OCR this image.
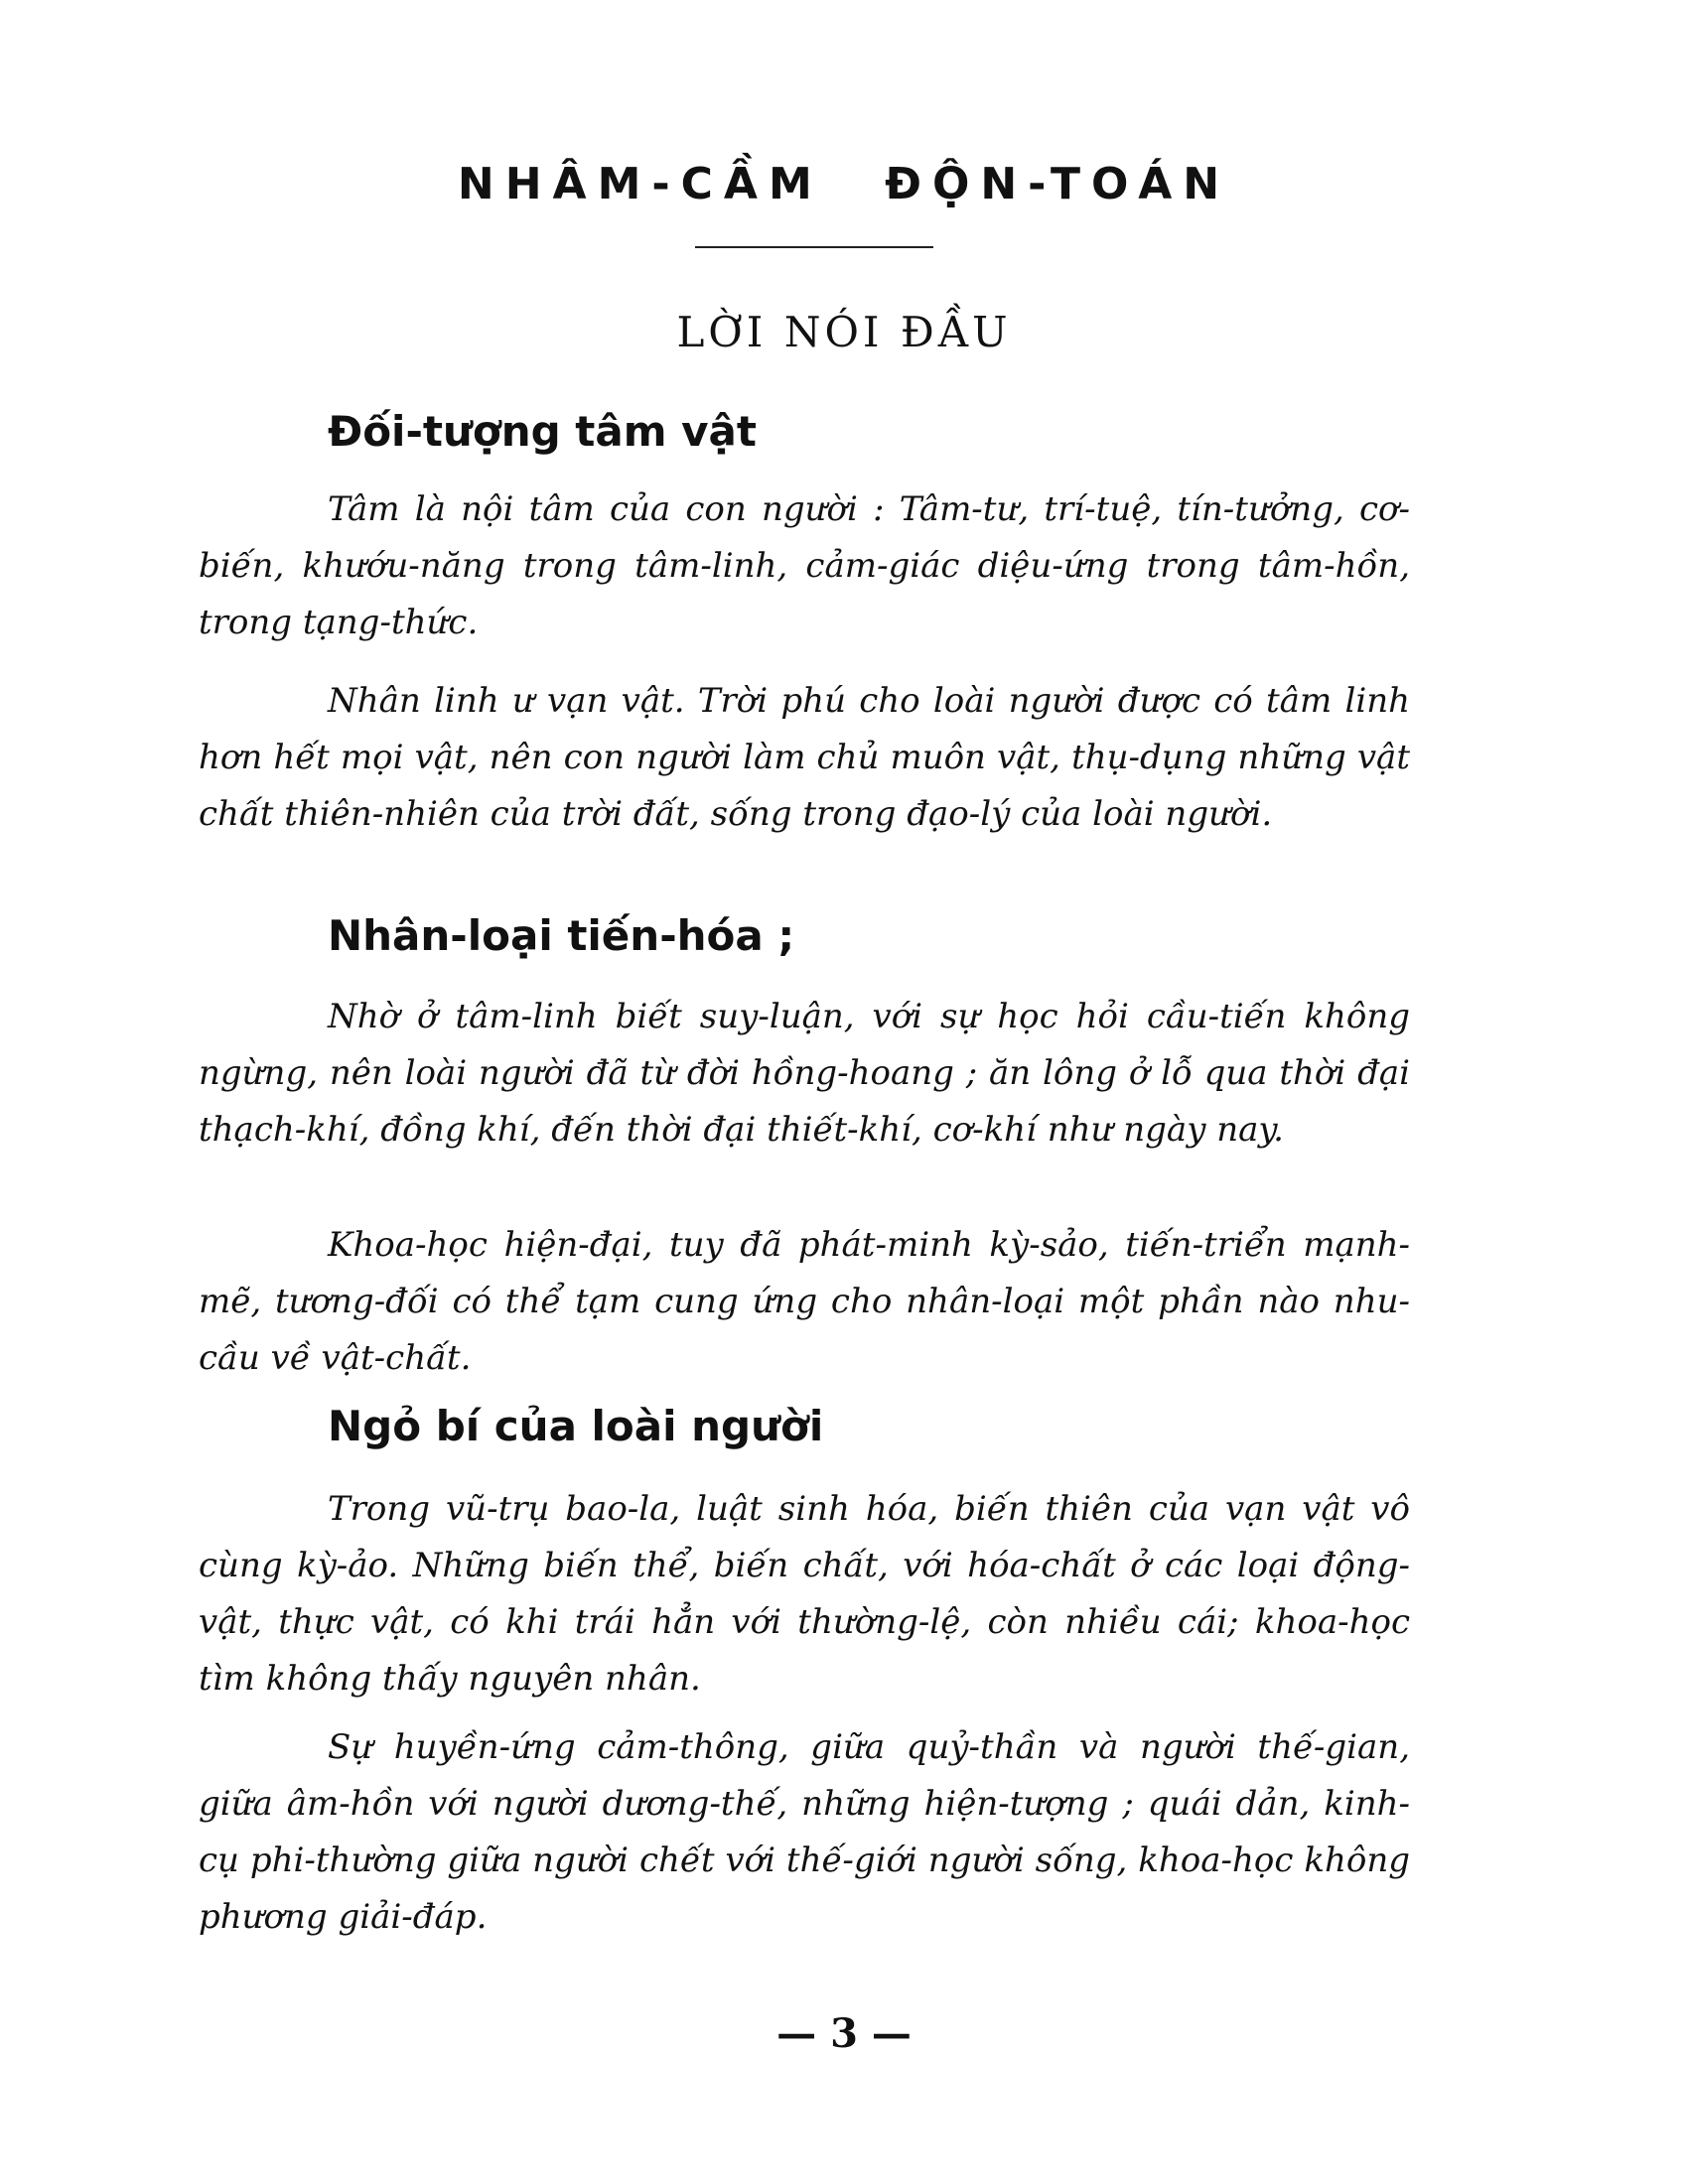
NHÂM-CẦM ĐỘN-TOÁN
LỜI NÓI ĐẦU
Đối-tượng tâm vật

Tâm là nội tâm của con người : Tâm-tư, trí-tuệ, tín-tưởng, cơ-biến, khướu-năng trong tâm-linh, cảm-giác diệu-ứng trong tâm-hồn, trong tạng-thức.

Nhân linh ư vạn vật. Trời phú cho loài người được có tâm linh hơn hết mọi vật, nên con người làm chủ muôn vật, thụ-dụng những vật chất thiên-nhiên của trời đất, sống trong đạo-lý của loài người.

Nhân-loại tiến-hóa ;

Nhờ ở tâm-linh biết suy-luận, với sự học hỏi cầu-tiến không ngừng, nên loài người đã từ đời hồng-hoang ; ăn lông ở lỗ qua thời đại thạch-khí, đồng khí, đến thời đại thiết-khí, cơ-khí như ngày nay.

Khoa-học hiện-đại, tuy đã phát-minh kỳ-sảo, tiến-triển mạnh-mẽ, tương-đối có thể tạm cung ứng cho nhân-loại một phần nào nhu-cầu về vật-chất.

Ngỏ bí của loài người

Trong vũ-trụ bao-la, luật sinh hóa, biến thiên của vạn vật vô cùng kỳ-ảo. Những biến thể, biến chất, với hóa-chất ở các loại động-vật, thực vật, có khi trái hẳn với thường-lệ, còn nhiều cái; khoa-học tìm không thấy nguyên nhân.

Sự huyền-ứng cảm-thông, giữa quỷ-thần và người thế-gian, giữa âm-hồn với người dương-thế, những hiện-tượng ; quái dản, kinh-cụ phi-thường giữa người chết với thế-giới người sống, khoa-học không phương giải-đáp.

— 3 —
